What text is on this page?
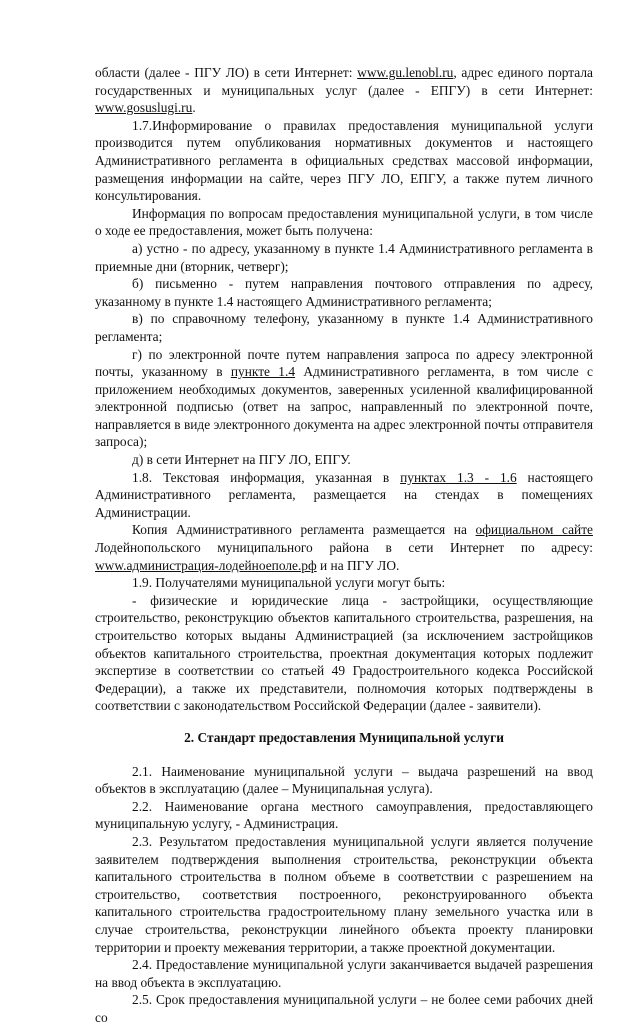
области (далее - ПГУ ЛО) в сети Интернет: www.gu.lenobl.ru, адрес единого портала государственных и муниципальных услуг (далее - ЕПГУ) в сети Интернет: www.gosuslugi.ru.

1.7.Информирование о правилах предоставления муниципальной услуги производится путем опубликования нормативных документов и настоящего Административного регламента в официальных средствах массовой информации, размещения информации на сайте, через ПГУ ЛО, ЕПГУ, а также путем личного консультирования.

Информация по вопросам предоставления муниципальной услуги, в том числе о ходе ее предоставления, может быть получена:

а) устно - по адресу, указанному в пункте 1.4 Административного регламента в приемные дни (вторник, четверг);

б) письменно - путем направления почтового отправления по адресу, указанному в пункте 1.4 настоящего Административного регламента;

в) по справочному телефону, указанному в пункте 1.4 Административного регламента;

г) по электронной почте путем направления запроса по адресу электронной почты, указанному в пункте 1.4 Административного регламента, в том числе с приложением необходимых документов, заверенных усиленной квалифицированной электронной подписью (ответ на запрос, направленный по электронной почте, направляется в виде электронного документа на адрес электронной почты отправителя запроса);

д) в сети Интернет на ПГУ ЛО, ЕПГУ.

1.8. Текстовая информация, указанная в пунктах 1.3 - 1.6 настоящего Административного регламента, размещается на стендах в помещениях Администрации.

Копия Административного регламента размещается на официальном сайте Лодейнопольского муниципального района в сети Интернет по адресу: www.администрация-лодейноеполе.рф и на ПГУ ЛО.

1.9. Получателями муниципальной услуги могут быть:

- физические и юридические лица - застройщики, осуществляющие строительство, реконструкцию объектов капитального строительства, разрешения, на строительство которых выданы Администрацией (за исключением застройщиков объектов капитального строительства, проектная документация которых подлежит экспертизе в соответствии со статьей 49 Градостроительного кодекса Российской Федерации), а также их представители, полномочия которых подтверждены в соответствии с законодательством Российской Федерации (далее - заявители).

2. Стандарт предоставления Муниципальной услуги

2.1. Наименование муниципальной услуги – выдача разрешений на ввод объектов в эксплуатацию (далее – Муниципальная услуга).

2.2. Наименование органа местного самоуправления, предоставляющего муниципальную услугу, - Администрация.

2.3. Результатом предоставления муниципальной услуги является получение заявителем подтверждения выполнения строительства, реконструкции объекта капитального строительства в полном объеме в соответствии с разрешением на строительство, соответствия построенного, реконструированного объекта капитального строительства градостроительному плану земельного участка или в случае строительства, реконструкции линейного объекта проекту планировки территории и проекту межевания территории, а также проектной документации.

2.4. Предоставление муниципальной услуги заканчивается выдачей разрешения на ввод объекта в эксплуатацию.

2.5. Срок предоставления муниципальной услуги – не более семи рабочих дней со
